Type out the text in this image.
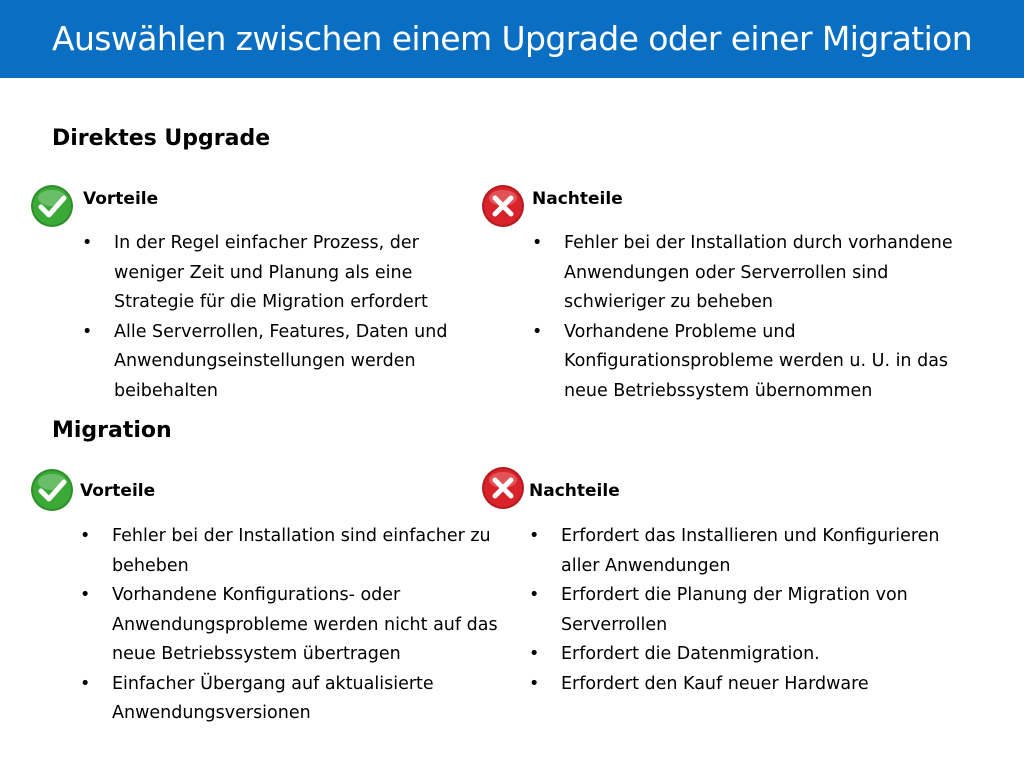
Auswählen zwischen einem Upgrade oder einer Migration
Direktes Upgrade
Vorteile
• In der Regel einfacher Prozess, der weniger Zeit und Planung als eine Strategie für die Migration erfordert
• Alle Serverrollen, Features, Daten und Anwendungseinstellungen werden beibehalten
Nachteile
• Fehler bei der Installation durch vorhandene Anwendungen oder Serverrollen sind schwieriger zu beheben
• Vorhandene Probleme und Konfigurationsprobleme werden u. U. in das neue Betriebssystem übernommen
Migration
Vorteile
• Fehler bei der Installation sind einfacher zu beheben
• Vorhandene Konfigurations- oder Anwendungsprobleme werden nicht auf das neue Betriebssystem übertragen
• Einfacher Übergang auf aktualisierte Anwendungsversionen
Nachteile
• Erfordert das Installieren und Konfigurieren aller Anwendungen
• Erfordert die Planung der Migration von Serverrollen
• Erfordert die Datenmigration.
• Erfordert den Kauf neuer Hardware
